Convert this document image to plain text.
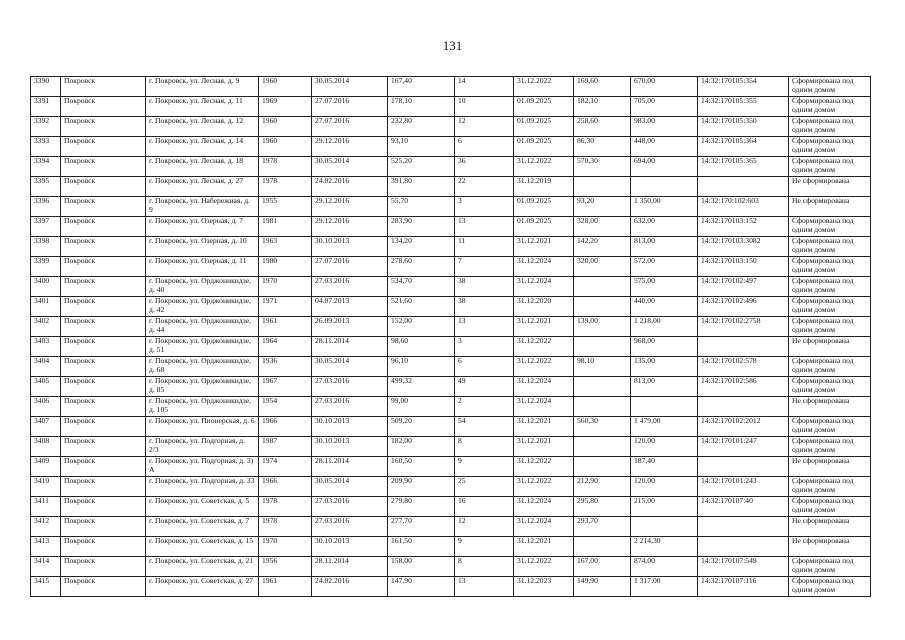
131
3390	Покровск	г. Покровск, ул. Лесная, д. 9	1960	30.05.2014	167,40	14	31.12.2022	169,60	670,00	14:32:170105:354	Сформирована под одним домом
3391	Покровск	г. Покровск, ул. Лесная, д. 11	1969	27.07.2016	178,10	10	01.09.2025	182,10	705,00	14:32:170105:355	Сформирована под одним домом
3392	Покровск	г. Покровск, ул. Лесная, д. 12	1960	27.07.2016	232,80	12	01.09.2025	258,60	983,00	14:32:170105:350	Сформирована под одним домом
3393	Покровск	г. Покровск, ул. Лесная, д. 14	1960	29.12.2016	93,10	6	01.09.2025	86,30	448,00	14:32:170105:364	Сформирована под одним домом
3394	Покровск	г. Покровск, ул. Лесная, д. 18	1978	30.05.2014	525,20	36	31.12.2022	570,30	694,00	14:32:170105:365	Сформирована под одним домом
3395	Покровск	г. Покровск, ул. Лесная, д. 27	1978	24.02.2016	391,80	22	31.12.2019				Не сформирована
3396	Покровск	г. Покровск, ул. Набережная, д. 9	1955	29.12.2016	55,70	3	01.09.2025	93,20	1 350,00	14:32:170:102:603	Не сформирована
3397	Покровск	г. Покровск, ул. Озерная, д. 7	1981	29.12.2016	283,90	13	01.09.2025	328,00	632,00	14:32:170103:152	Сформирована под одним домом
3398	Покровск	г. Покровск, ул. Озерная, д. 10	1963	30.10.2013	134,20	11	31.12.2021	142,20	813,00	14:32:170103:3082	Сформирована под одним домом
3399	Покровск	г. Покровск, ул. Озерная, д. 11	1980	27.07.2016	278,60	7	31.12.2024	320,00	572,00	14:32:170103:150	Сформирована под одним домом
3400	Покровск	г. Покровск, ул. Орджоникидзе, д. 40	1970	27.03.2016	534,70	38	31.12.2024		575,00	14:32:170102:497	Сформирована под одним домом
3401	Покровск	г. Покровск, ул. Орджоникидзе, д. 42	1971	04.07.2013	521,60	38	31.12.2020		440,00	14:32:170102:496	Сформирована под одним домом
3402	Покровск	г. Покровск, ул. Орджоникидзе, д. 44	1961	26.09.2013	152,00	13	31.12.2021	139,00	1 218,00	14:32:170102:2758	Сформирована под одним домом
3403	Покровск	г. Покровск, ул. Орджоникидзе, д. 51	1964	28.11.2014	98,60	3	31.12.2022		968,00		Не сформирована
3404	Покровск	г. Покровск, ул. Орджоникидзе, д. 68	1936	30.05.2014	96,10	6	31.12.2022	98,10	135,00	14:32:170102:578	Сформирована под одним домом
3405	Покровск	г. Покровск, ул. Орджоникидзе, д. 85	1967	27.03.2016	499,32	49	31.12.2024		813,00	14:32:170102:586	Сформирована под одним домом
3406	Покровск	г. Покровск, ул. Орджоникидзе, д. 105	1954	27.03.2016	99,00	2	31.12.2024				Не сформирована
3407	Покровск	г. Покровск, ул. Пионерская, д. 6	1966	30.10.2013	509,20	54	31.12.2021	560,30	1 479,00	14:32:170102:2012	Сформирована под одним домом
3408	Покровск	г. Покровск, ул. Подгорная, д. 2/3	1987	30.10.2013	182,00	8	31.12.2021		120,00	14:32:170101:247	Сформирована под одним домом
3409	Покровск	г. Покровск, ул. Подгорная, д. 3) А	1974	28.11.2014	160,50	9	31.12.2022		187,40		Не сформирована
3410	Покровск	г. Покровск, ул. Подгорная, д. 33	1966	30.05.2014	209,90	25	31.12.2022	212,90	120,00	14:32:170101:243	Сформирована под одним домом
3411	Покровск	г. Покровск, ул. Советская, д. 5	1978	27.03.2016	279,80	16	31.12.2024	295,80	215,00	14:32:170107:40	Сформирована под одним домом
3412	Покровск	г. Покровск, ул. Советская, д. 7	1978	27.03.2016	277,70	12	31.12.2024	293,70			Не сформирована
3413	Покровск	г. Покровск, ул. Советская, д. 15	1970	30.10.2013	161,50	9	31.12.2021		2 214,30		Не сформирована
3414	Покровск	г. Покровск, ул. Советская, д. 21	1956	28.11.2014	158,00	8	31.12.2022	167,00	874,00	14:32:170107:549	Сформирована под одним домом
3415	Покровск	г. Покровск, ул. Советская, д. 27	1961	24.02.2016	147,90	13	31.12.2023	149,90	1 317,00	14:32:170107:116	Сформирована под одним домом
